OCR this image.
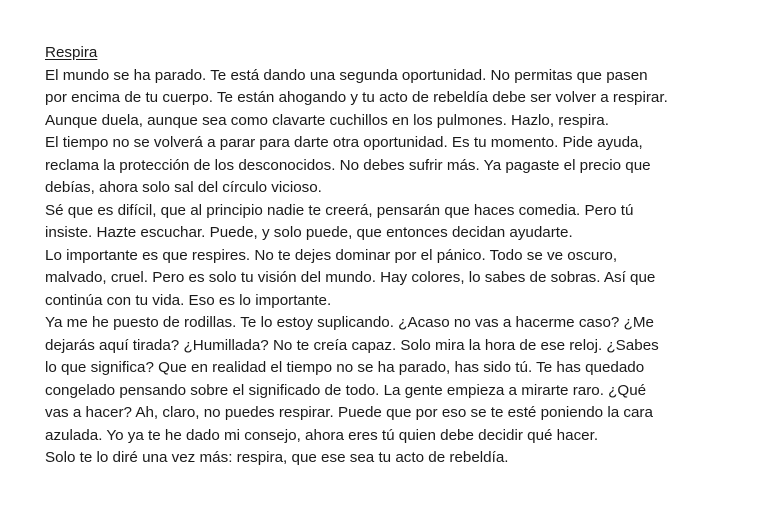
Respira

El mundo se ha parado. Te está dando una segunda oportunidad. No permitas que pasen
por encima de tu cuerpo. Te están ahogando y tu acto de rebeldía debe ser volver a respirar.
Aunque duela, aunque sea como clavarte cuchillos en los pulmones. Hazlo, respira.

El tiempo no se volverá a parar para darte otra oportunidad. Es tu momento. Pide ayuda,
reclama la protección de los desconocidos. No debes sufrir más. Ya pagaste el precio que
debías, ahora solo sal del círculo vicioso.

Sé que es difícil, que al principio nadie te creerá, pensarán que haces comedia. Pero tú
insiste. Hazte escuchar. Puede, y solo puede, que entonces decidan ayudarte.

Lo importante es que respires. No te dejes dominar por el pánico. Todo se ve oscuro,
malvado, cruel. Pero es solo tu visión del mundo. Hay colores, lo sabes de sobras. Así que
continúa con tu vida. Eso es lo importante.

Ya me he puesto de rodillas. Te lo estoy suplicando. ¿Acaso no vas a hacerme caso? ¿Me
dejarás aquí tirada? ¿Humillada? No te creía capaz. Solo mira la hora de ese reloj. ¿Sabes
lo que significa? Que en realidad el tiempo no se ha parado, has sido tú. Te has quedado
congelado pensando sobre el significado de todo. La gente empieza a mirarte raro. ¿Qué
vas a hacer? Ah, claro, no puedes respirar. Puede que por eso se te esté poniendo la cara
azulada. Yo ya te he dado mi consejo, ahora eres tú quien debe decidir qué hacer.

Solo te lo diré una vez más: respira, que ese sea tu acto de rebeldía.
